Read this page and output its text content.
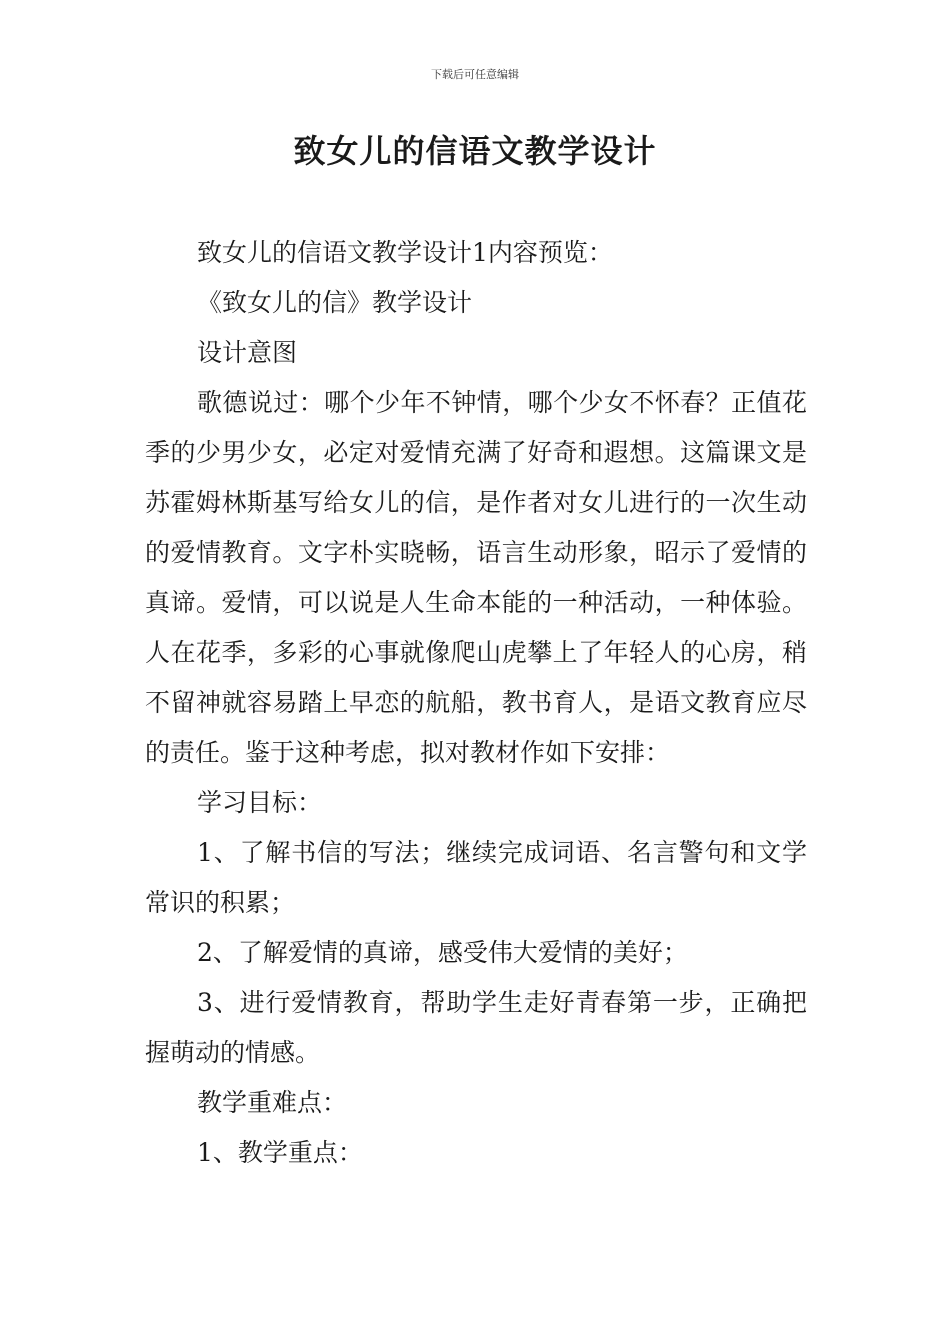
下载后可任意编辑
致女儿的信语文教学设计

致女儿的信语文教学设计1内容预览：

《致女儿的信》教学设计

设计意图

歌德说过：哪个少年不钟情，哪个少女不怀春？正值花季的少男少女，必定对爱情充满了好奇和遐想。这篇课文是苏霍姆林斯基写给女儿的信，是作者对女儿进行的一次生动的爱情教育。文字朴实晓畅，语言生动形象，昭示了爱情的真谛。爱情，可以说是人生命本能的一种活动，一种体验。人在花季，多彩的心事就像爬山虎攀上了年轻人的心房，稍不留神就容易踏上早恋的航船，教书育人，是语文教育应尽的责任。鉴于这种考虑，拟对教材作如下安排：

学习目标：

1、了解书信的写法；继续完成词语、名言警句和文学常识的积累；

2、了解爱情的真谛，感受伟大爱情的美好；

3、进行爱情教育，帮助学生走好青春第一步，正确把握萌动的情感。

教学重难点：

1、教学重点：
